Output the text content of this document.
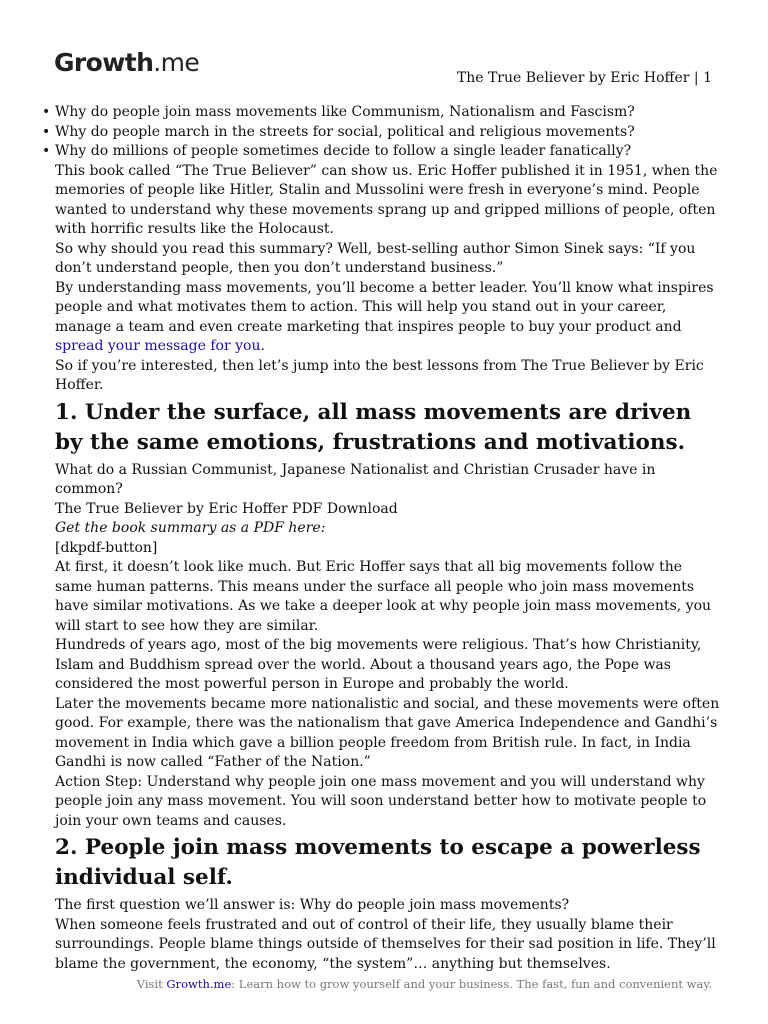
Growth.me
The True Believer by Eric Hoffer | 1
• Why do people join mass movements like Communism, Nationalism and Fascism?
• Why do people march in the streets for social, political and religious movements?
• Why do millions of people sometimes decide to follow a single leader fanatically?

This book called “The True Believer” can show us. Eric Hoffer published it in 1951, when the memories of people like Hitler, Stalin and Mussolini were fresh in everyone’s mind. People wanted to understand why these movements sprang up and gripped millions of people, often with horrific results like the Holocaust.

So why should you read this summary? Well, best-selling author Simon Sinek says: “If you don’t understand people, then you don’t understand business.”

By understanding mass movements, you’ll become a better leader. You’ll know what inspires people and what motivates them to action. This will help you stand out in your career, manage a team and even create marketing that inspires people to buy your product and spread your message for you.

So if you’re interested, then let’s jump into the best lessons from The True Believer by Eric Hoffer.

1. Under the surface, all mass movements are driven by the same emotions, frustrations and motivations.

What do a Russian Communist, Japanese Nationalist and Christian Crusader have in common?

The True Believer by Eric Hoffer PDF Download

Get the book summary as a PDF here:

[dkpdf-button]

At first, it doesn’t look like much. But Eric Hoffer says that all big movements follow the same human patterns. This means under the surface all people who join mass movements have similar motivations. As we take a deeper look at why people join mass movements, you will start to see how they are similar.

Hundreds of years ago, most of the big movements were religious. That’s how Christianity, Islam and Buddhism spread over the world. About a thousand years ago, the Pope was considered the most powerful person in Europe and probably the world.

Later the movements became more nationalistic and social, and these movements were often good. For example, there was the nationalism that gave America Independence and Gandhi’s movement in India which gave a billion people freedom from British rule. In fact, in India Gandhi is now called “Father of the Nation.”

Action Step: Understand why people join one mass movement and you will understand why people join any mass movement. You will soon understand better how to motivate people to join your own teams and causes.

2. People join mass movements to escape a powerless individual self.

The first question we’ll answer is: Why do people join mass movements?

When someone feels frustrated and out of control of their life, they usually blame their surroundings. People blame things outside of themselves for their sad position in life. They’ll blame the government, the economy, “the system”… anything but themselves.

Visit Growth.me: Learn how to grow yourself and your business. The fast, fun and convenient way.
